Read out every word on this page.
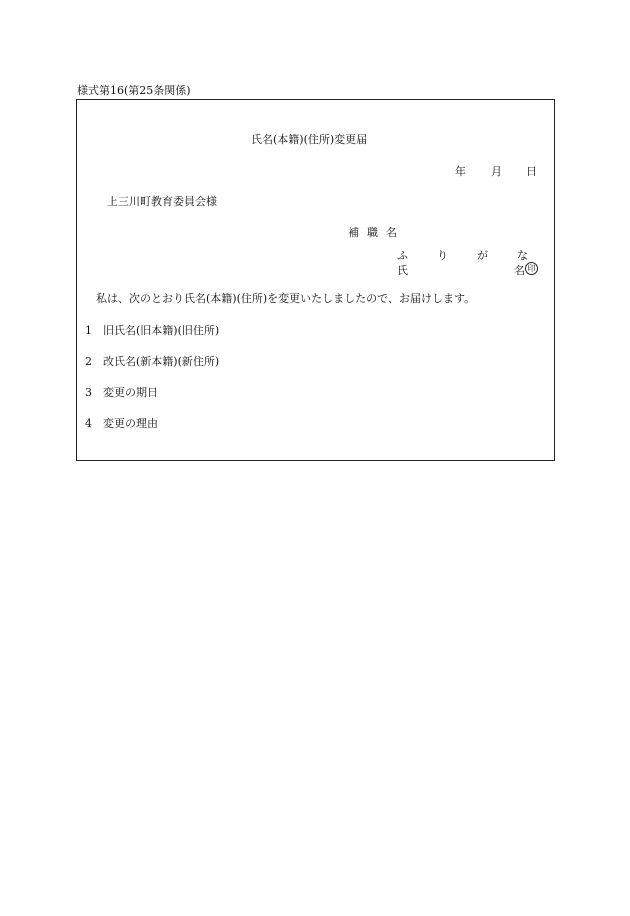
様式第16(第25条関係)
氏名(本籍)(住所)変更届
年 月 日
上三川町教育委員会様
補職名
ふ	り	が	な
氏	名 印
私は、次のとおり氏名(本籍)(住所)を変更いたしましたので、お届けします。
1 旧氏名(旧本籍)(旧住所)
2 改氏名(新本籍)(新住所)
3 変更の期日
4 変更の理由
